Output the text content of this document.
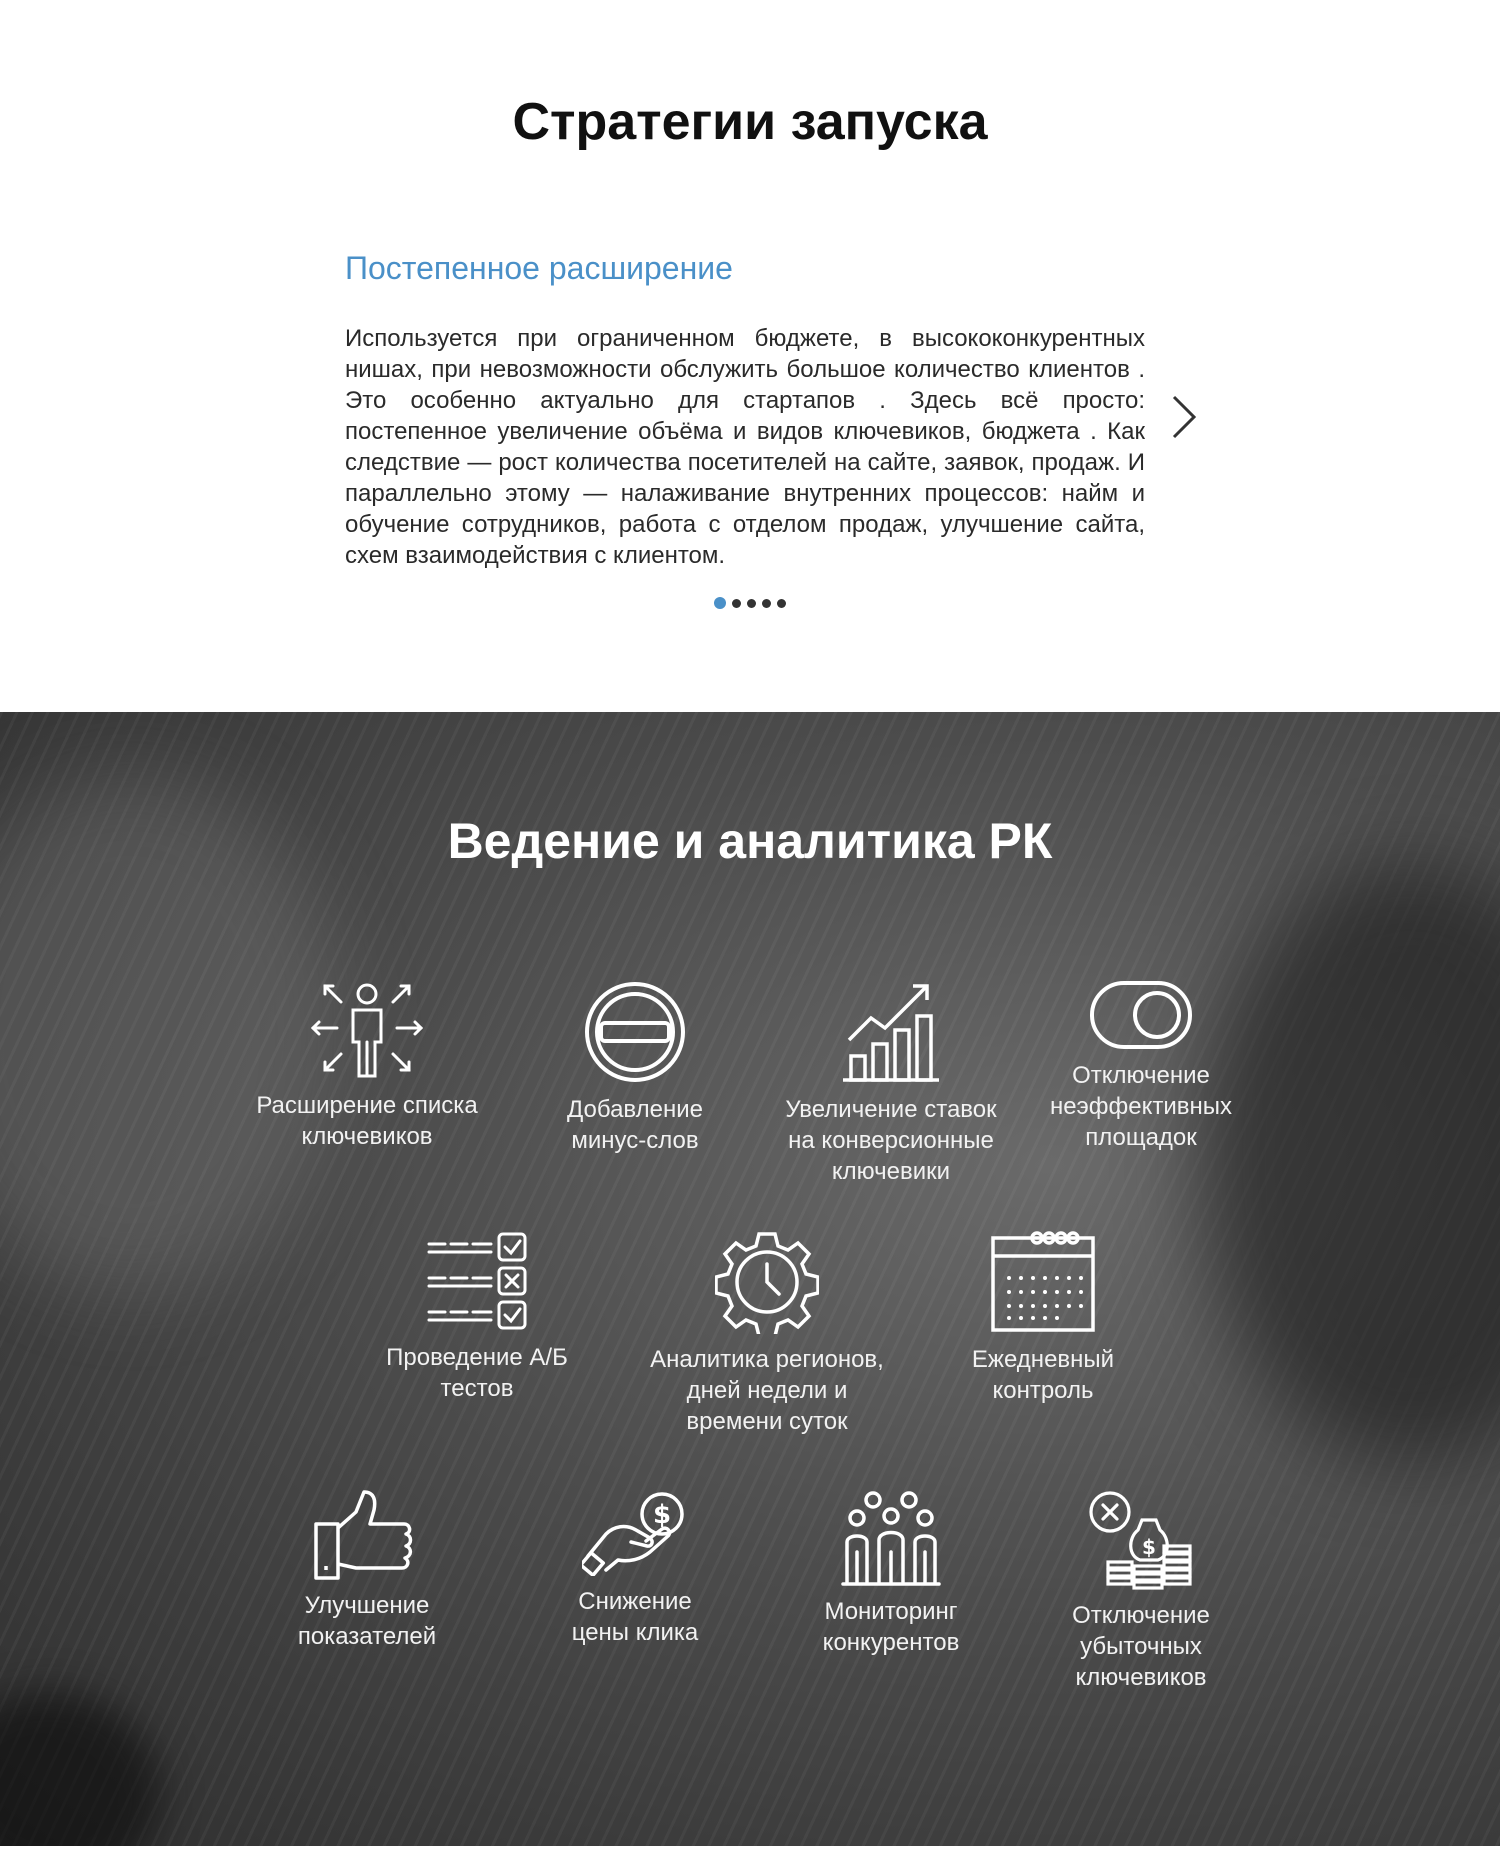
Стратегии запуска
Постепенное расширение

Используется при ограниченном бюджете, в высококонкурентных нишах, при невозможности обслужить большое количество клиентов . Это особенно актуально для стартапов . Здесь всё просто: постепенное увеличение объёма и видов ключевиков, бюджета . Как следствие — рост количества посетителей на сайте, заявок, продаж. И параллельно этому — налаживание внутренних процессов: найм и обучение сотрудников, работа с отделом продаж, улучшение сайта, схем взаимодействия с клиентом.

Ведение и аналитика РК
Расширение списка
ключевиков
Добавление
минус-слов
Увеличение ставок
на конверсионные
ключевики
Отключение
неэффективных
площадок
Проведение А/Б
тестов
Аналитика регионов,
дней недели и
времени суток
Ежедневный
контроль
Улучшение
показателей
$
Снижение
цены клика
Мониторинг
конкурентов
$
Отключение
убыточных
ключевиков
